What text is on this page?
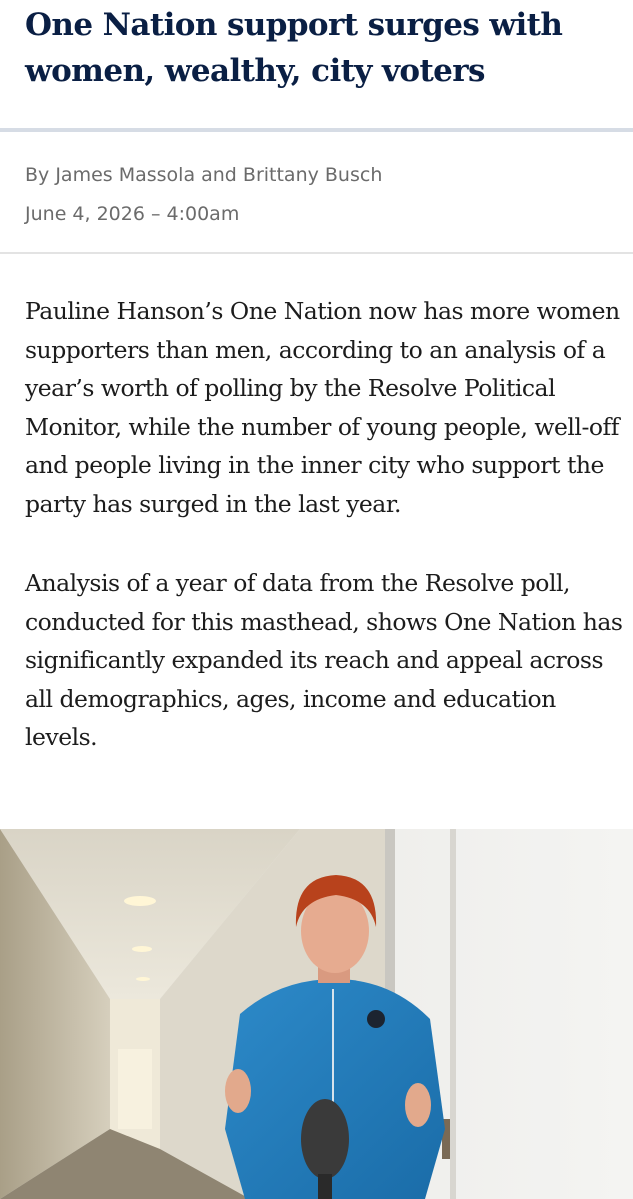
One Nation support surges with women, wealthy, city voters
By James Massola and Brittany Busch
June 4, 2026 – 4:00am

Pauline Hanson’s One Nation now has more women supporters than men, according to an analysis of a year’s worth of polling by the Resolve Political Monitor, while the number of young people, well-off and people living in the inner city who support the party has surged in the last year.

Analysis of a year of data from the Resolve poll, conducted for this masthead, shows One Nation has significantly expanded its reach and appeal across all demographics, ages, income and education levels.
